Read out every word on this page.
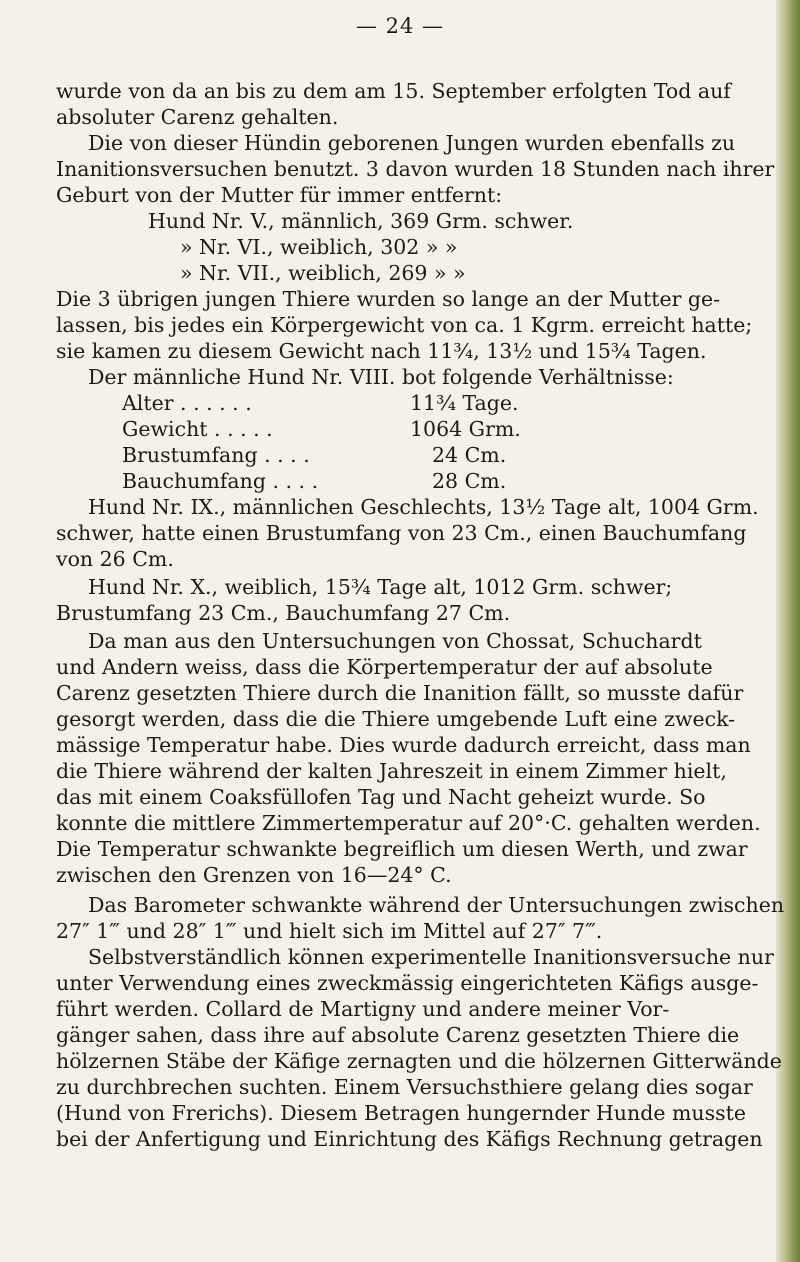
— 24 —
wurde von da an bis zu dem am 15. September erfolgten Tod auf
absoluter Carenz gehalten.
Die von dieser Hündin geborenen Jungen wurden ebenfalls zu
Inanitionsversuchen benutzt. 3 davon wurden 18 Stunden nach ihrer
Geburt von der Mutter für immer entfernt:
Hund Nr. V., männlich, 369 Grm. schwer.
» Nr. VI., weiblich, 302 » »
» Nr. VII., weiblich, 269 » »
Die 3 übrigen jungen Thiere wurden so lange an der Mutter ge-
lassen, bis jedes ein Körpergewicht von ca. 1 Kgrm. erreicht hatte;
sie kamen zu diesem Gewicht nach 11¾, 13½ und 15¾ Tagen.
Der männliche Hund Nr. VIII. bot folgende Verhältnisse:
Alter . . . . . .	11¾ Tage.
Gewicht . . . . .	1064 Grm.
Brustumfang . . . .	24 Cm.
Bauchumfang . . . .	28 Cm.
Hund Nr. IX., männlichen Geschlechts, 13½ Tage alt, 1004 Grm.
schwer, hatte einen Brustumfang von 23 Cm., einen Bauchumfang
von 26 Cm.
Hund Nr. X., weiblich, 15¾ Tage alt, 1012 Grm. schwer;
Brustumfang 23 Cm., Bauchumfang 27 Cm.
Da man aus den Untersuchungen von Chossat, Schuchardt
und Andern weiss, dass die Körpertemperatur der auf absolute
Carenz gesetzten Thiere durch die Inanition fällt, so musste dafür
gesorgt werden, dass die die Thiere umgebende Luft eine zweck-
mässige Temperatur habe. Dies wurde dadurch erreicht, dass man
die Thiere während der kalten Jahreszeit in einem Zimmer hielt,
das mit einem Coaksfüllofen Tag und Nacht geheizt wurde. So
konnte die mittlere Zimmertemperatur auf 20°·C. gehalten werden.
Die Temperatur schwankte begreiflich um diesen Werth, und zwar
zwischen den Grenzen von 16—24° C.
Das Barometer schwankte während der Untersuchungen zwischen
27″ 1‴ und 28″ 1‴ und hielt sich im Mittel auf 27″ 7‴.
Selbstverständlich können experimentelle Inanitionsversuche nur
unter Verwendung eines zweckmässig eingerichteten Käfigs ausge-
führt werden. Collard de Martigny und andere meiner Vor-
gänger sahen, dass ihre auf absolute Carenz gesetzten Thiere die
hölzernen Stäbe der Käfige zernagten und die hölzernen Gitterwände
zu durchbrechen suchten. Einem Versuchsthiere gelang dies sogar
(Hund von Frerichs). Diesem Betragen hungernder Hunde musste
bei der Anfertigung und Einrichtung des Käfigs Rechnung getragen
